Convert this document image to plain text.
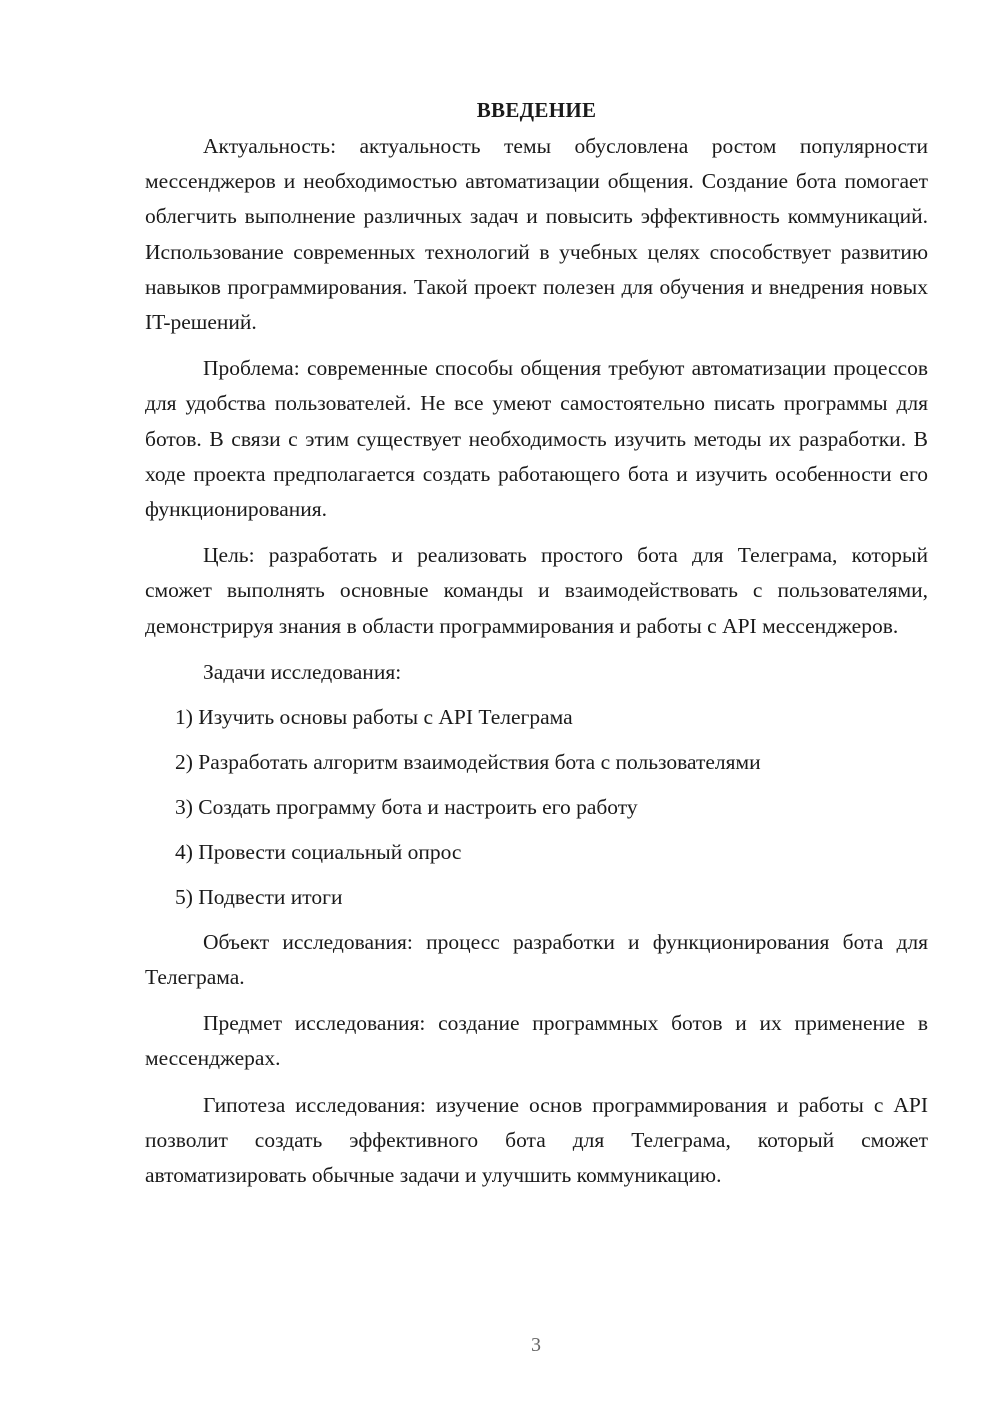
ВВЕДЕНИЕ

Актуальность: актуальность темы обусловлена ростом популярности мессенджеров и необходимостью автоматизации общения. Создание бота помогает облегчить выполнение различных задач и повысить эффективность коммуникаций. Использование современных технологий в учебных целях способствует развитию навыков программирования. Такой проект полезен для обучения и внедрения новых IT-решений.

Проблема: современные способы общения требуют автоматизации процессов для удобства пользователей. Не все умеют самостоятельно писать программы для ботов. В связи с этим существует необходимость изучить методы их разработки. В ходе проекта предполагается создать работающего бота и изучить особенности его функционирования.

Цель: разработать и реализовать простого бота для Телеграма, который сможет выполнять основные команды и взаимодействовать с пользователями, демонстрируя знания в области программирования и работы с API мессенджеров.

Задачи исследования:
1) Изучить основы работы с API Телеграма
2) Разработать алгоритм взаимодействия бота с пользователями
3) Создать программу бота и настроить его работу
4) Провести социальный опрос
5) Подвести итоги

Объект исследования: процесс разработки и функционирования бота для Телеграма.

Предмет исследования: создание программных ботов и их применение в мессенджерах.

Гипотеза исследования: изучение основ программирования и работы с API позволит создать эффективного бота для Телеграма, который сможет автоматизировать обычные задачи и улучшить коммуникацию.

3
